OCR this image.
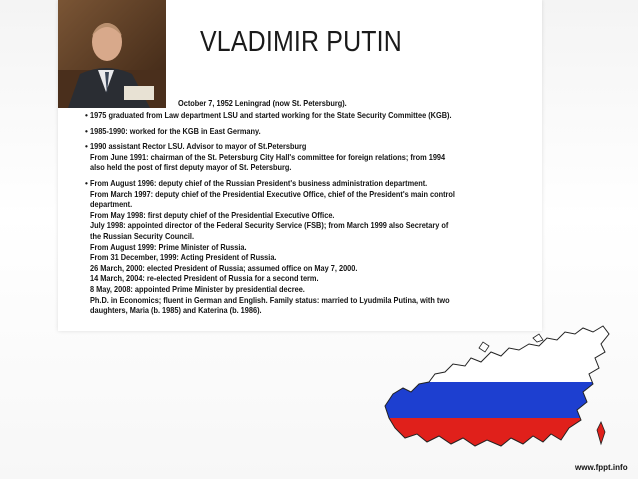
VLADIMIR PUTIN
October 7, 1952 Leningrad (now St. Petersburg).
• 1975 graduated from Law department LSU and started working for the State Security Committee (KGB).
• 1985-1990: worked for the KGB in East Germany.
• 1990 assistant Rector LSU. Advisor to mayor of St.Petersburg
From June 1991: chairman of the St. Petersburg City Hall's committee for foreign relations; from 1994
also held the post of first deputy mayor of St. Petersburg.
• From August 1996: deputy chief of the Russian President's business administration department.
From March 1997: deputy chief of the Presidential Executive Office, chief of the President's main control
department.
From May 1998: first deputy chief of the Presidential Executive Office.
July 1998: appointed director of the Federal Security Service (FSB); from March 1999 also Secretary of
the Russian Security Council.
From August 1999: Prime Minister of Russia.
From 31 December, 1999: Acting President of Russia.
26 March, 2000: elected President of Russia; assumed office on May 7, 2000.
14 March, 2004: re-elected President of Russia for a second term.
8 May, 2008: appointed Prime Minister by presidential decree.
Ph.D. in Economics; fluent in German and English. Family status: married to Lyudmila Putina, with two
daughters, Maria (b. 1985) and Katerina (b. 1986).
www.fppt.info
